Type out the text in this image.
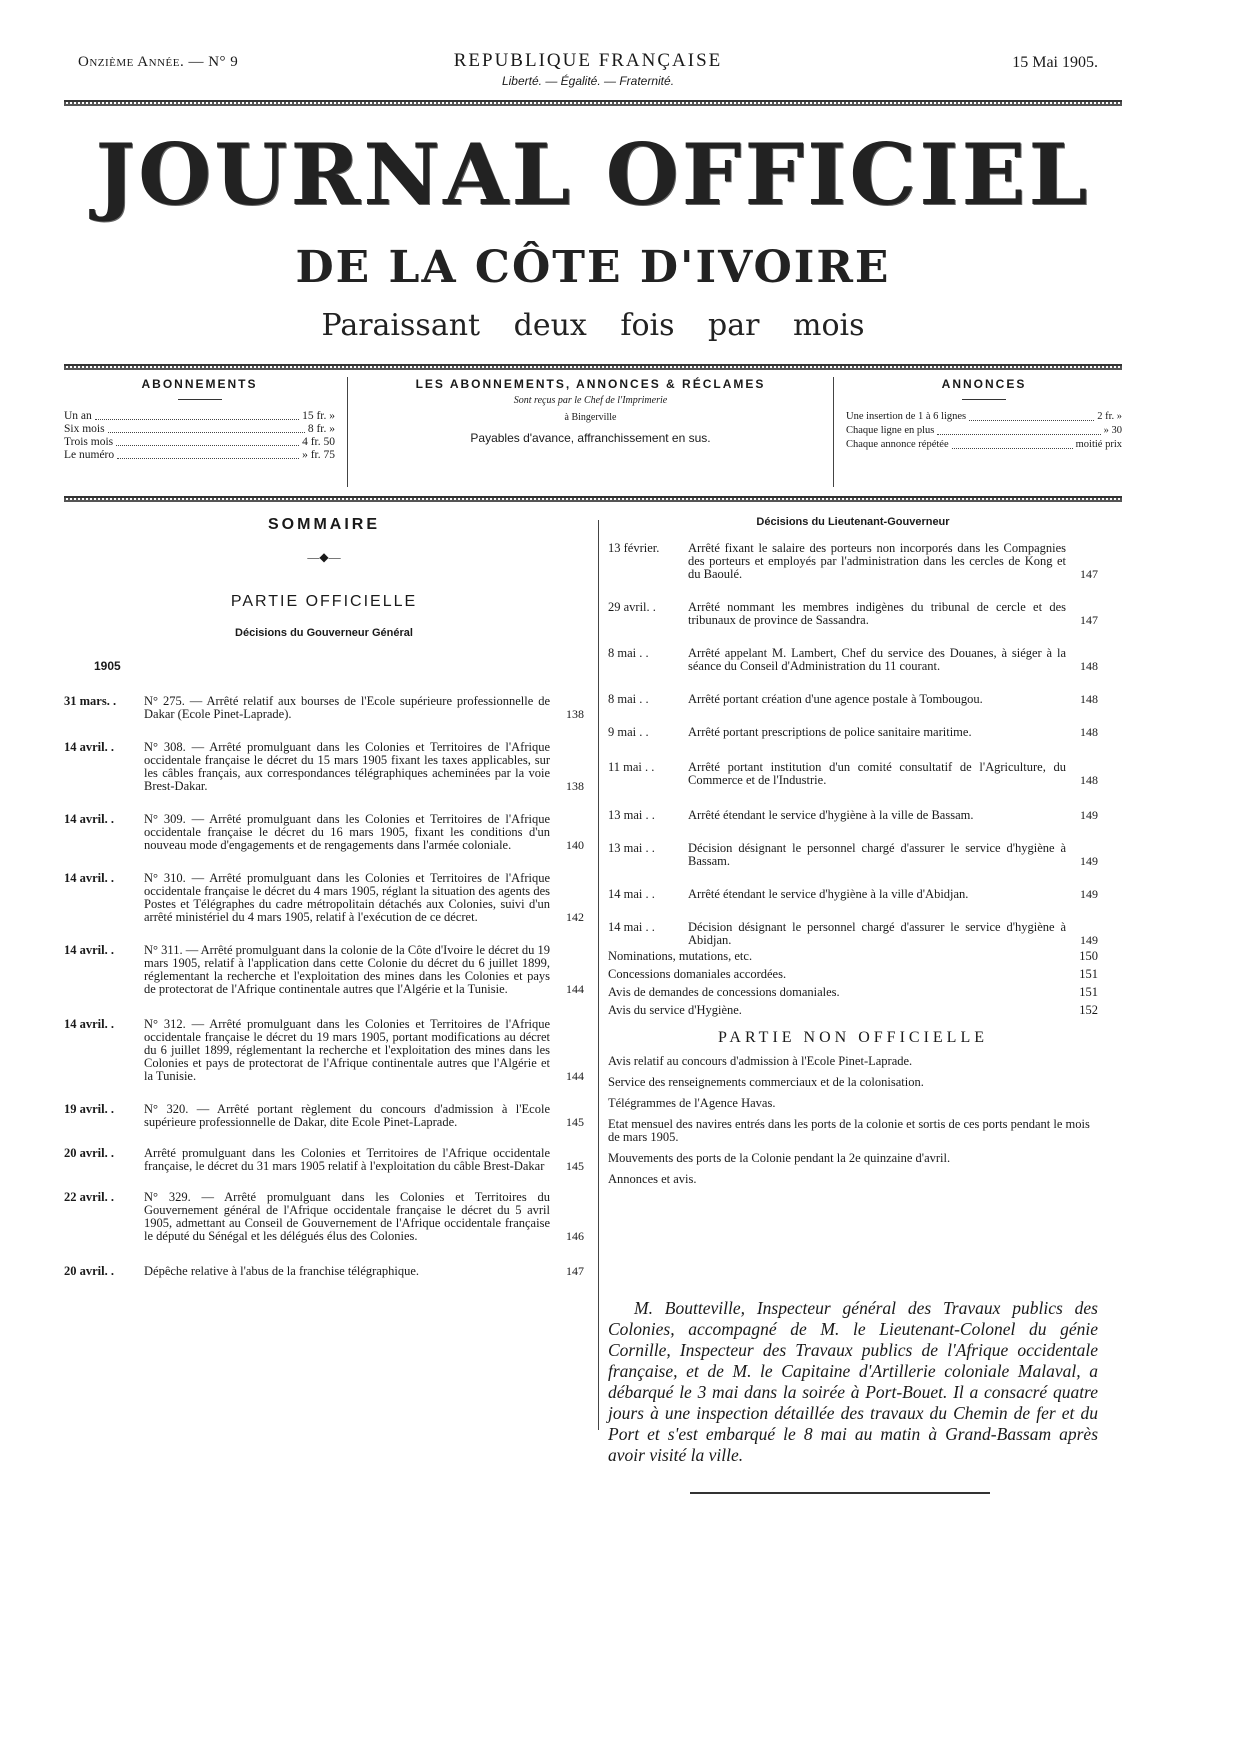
Onzième Année. — N° 9	REPUBLIQUE FRANÇAISE
Liberté. — Égalité. — Fraternité.
15 Mai 1905.
JOURNAL OFFICIEL
DE LA CÔTE D'IVOIRE
Paraissant deux fois par mois
ABONNEMENTS
Un an	15 fr. »
Six mois	8 fr. »
Trois mois	4 fr. 50
Le numéro	» fr. 75
LES ABONNEMENTS, ANNONCES & RÉCLAMES
Sont reçus par le Chef de l'Imprimerie
à Bingerville
Payables d'avance, affranchissement en sus.
ANNONCES
Une insertion de 1 à 6 lignes	2 fr. »
Chaque ligne en plus	» 30
Chaque annonce répétée	moitié prix
SOMMAIRE
—◆—
PARTIE OFFICIELLE
Décisions du Gouverneur Général
1905
31 mars. .	N° 275. — Arrêté relatif aux bourses de l'Ecole supérieure professionnelle de Dakar (Ecole Pinet-Laprade).	138
14 avril. .	N° 308. — Arrêté promulguant dans les Colonies et Territoires de l'Afrique occidentale française le décret du 15 mars 1905 fixant les taxes applicables, sur les câbles français, aux correspondances télégraphiques acheminées par la voie Brest-Dakar.	138
14 avril. .	N° 309. — Arrêté promulguant dans les Colonies et Territoires de l'Afrique occidentale française le décret du 16 mars 1905, fixant les conditions d'un nouveau mode d'engagements et de rengagements dans l'armée coloniale.	140
14 avril. .	N° 310. — Arrêté promulguant dans les Colonies et Territoires de l'Afrique occidentale française le décret du 4 mars 1905, réglant la situation des agents des Postes et Télégraphes du cadre métropolitain détachés aux Colonies, suivi d'un arrêté ministériel du 4 mars 1905, relatif à l'exécution de ce décret.	142
14 avril. .	N° 311. — Arrêté promulguant dans la colonie de la Côte d'Ivoire le décret du 19 mars 1905, relatif à l'application dans cette Colonie du décret du 6 juillet 1899, réglementant la recherche et l'exploitation des mines dans les Colonies et pays de protectorat de l'Afrique continentale autres que l'Algérie et la Tunisie.	144
14 avril. .	N° 312. — Arrêté promulguant dans les Colonies et Territoires de l'Afrique occidentale française le décret du 19 mars 1905, portant modifications au décret du 6 juillet 1899, réglementant la recherche et l'exploitation des mines dans les Colonies et pays de protectorat de l'Afrique continentale autres que l'Algérie et la Tunisie.	144
19 avril. .	N° 320. — Arrêté portant règlement du concours d'admission à l'Ecole supérieure professionnelle de Dakar, dite Ecole Pinet-Laprade.	145
20 avril. .	Arrêté promulguant dans les Colonies et Territoires de l'Afrique occidentale française, le décret du 31 mars 1905 relatif à l'exploitation du câble Brest-Dakar	145
22 avril. .	N° 329. — Arrêté promulguant dans les Colonies et Territoires du Gouvernement général de l'Afrique occidentale française le décret du 5 avril 1905, admettant au Conseil de Gouvernement de l'Afrique occidentale française le député du Sénégal et les délégués élus des Colonies.	146
20 avril. .	Dépêche relative à l'abus de la franchise télégraphique.	147
Décisions du Lieutenant-Gouverneur
13 février.	Arrêté fixant le salaire des porteurs non incorporés dans les Compagnies des porteurs et employés par l'administration dans les cercles de Kong et du Baoulé.	147
29 avril. .	Arrêté nommant les membres indigènes du tribunal de cercle et des tribunaux de province de Sassandra.	147
8 mai . .	Arrêté appelant M. Lambert, Chef du service des Douanes, à siéger à la séance du Conseil d'Administration du 11 courant.	148
8 mai . .	Arrêté portant création d'une agence postale à Tombougou.	148
9 mai . .	Arrêté portant prescriptions de police sanitaire maritime.	148
11 mai . .	Arrêté portant institution d'un comité consultatif de l'Agriculture, du Commerce et de l'Industrie.	148
13 mai . .	Arrêté étendant le service d'hygiène à la ville de Bassam.	149
13 mai . .	Décision désignant le personnel chargé d'assurer le service d'hygiène à Bassam.	149
14 mai . .	Arrêté étendant le service d'hygiène à la ville d'Abidjan.	149
14 mai . .	Décision désignant le personnel chargé d'assurer le service d'hygiène à Abidjan.	149
Nominations, mutations, etc.	150
Concessions domaniales accordées.	151
Avis de demandes de concessions domaniales.	151
Avis du service d'Hygiène.	152
PARTIE NON OFFICIELLE
Avis relatif au concours d'admission à l'Ecole Pinet-Laprade.
Service des renseignements commerciaux et de la colonisation.
Télégrammes de l'Agence Havas.
Etat mensuel des navires entrés dans les ports de la colonie et sortis de ces ports pendant le mois de mars 1905.
Mouvements des ports de la Colonie pendant la 2e quinzaine d'avril.
Annonces et avis.
M. Boutteville, Inspecteur général des Travaux publics des Colonies, accompagné de M. le Lieutenant-Colonel du génie Cornille, Inspecteur des Travaux publics de l'Afrique occidentale française, et de M. le Capitaine d'Artillerie coloniale Malaval, a débarqué le 3 mai dans la soirée à Port-Bouet. Il a consacré quatre jours à une inspection détaillée des travaux du Chemin de fer et du Port et s'est embarqué le 8 mai au matin à Grand-Bassam après avoir visité la ville.
